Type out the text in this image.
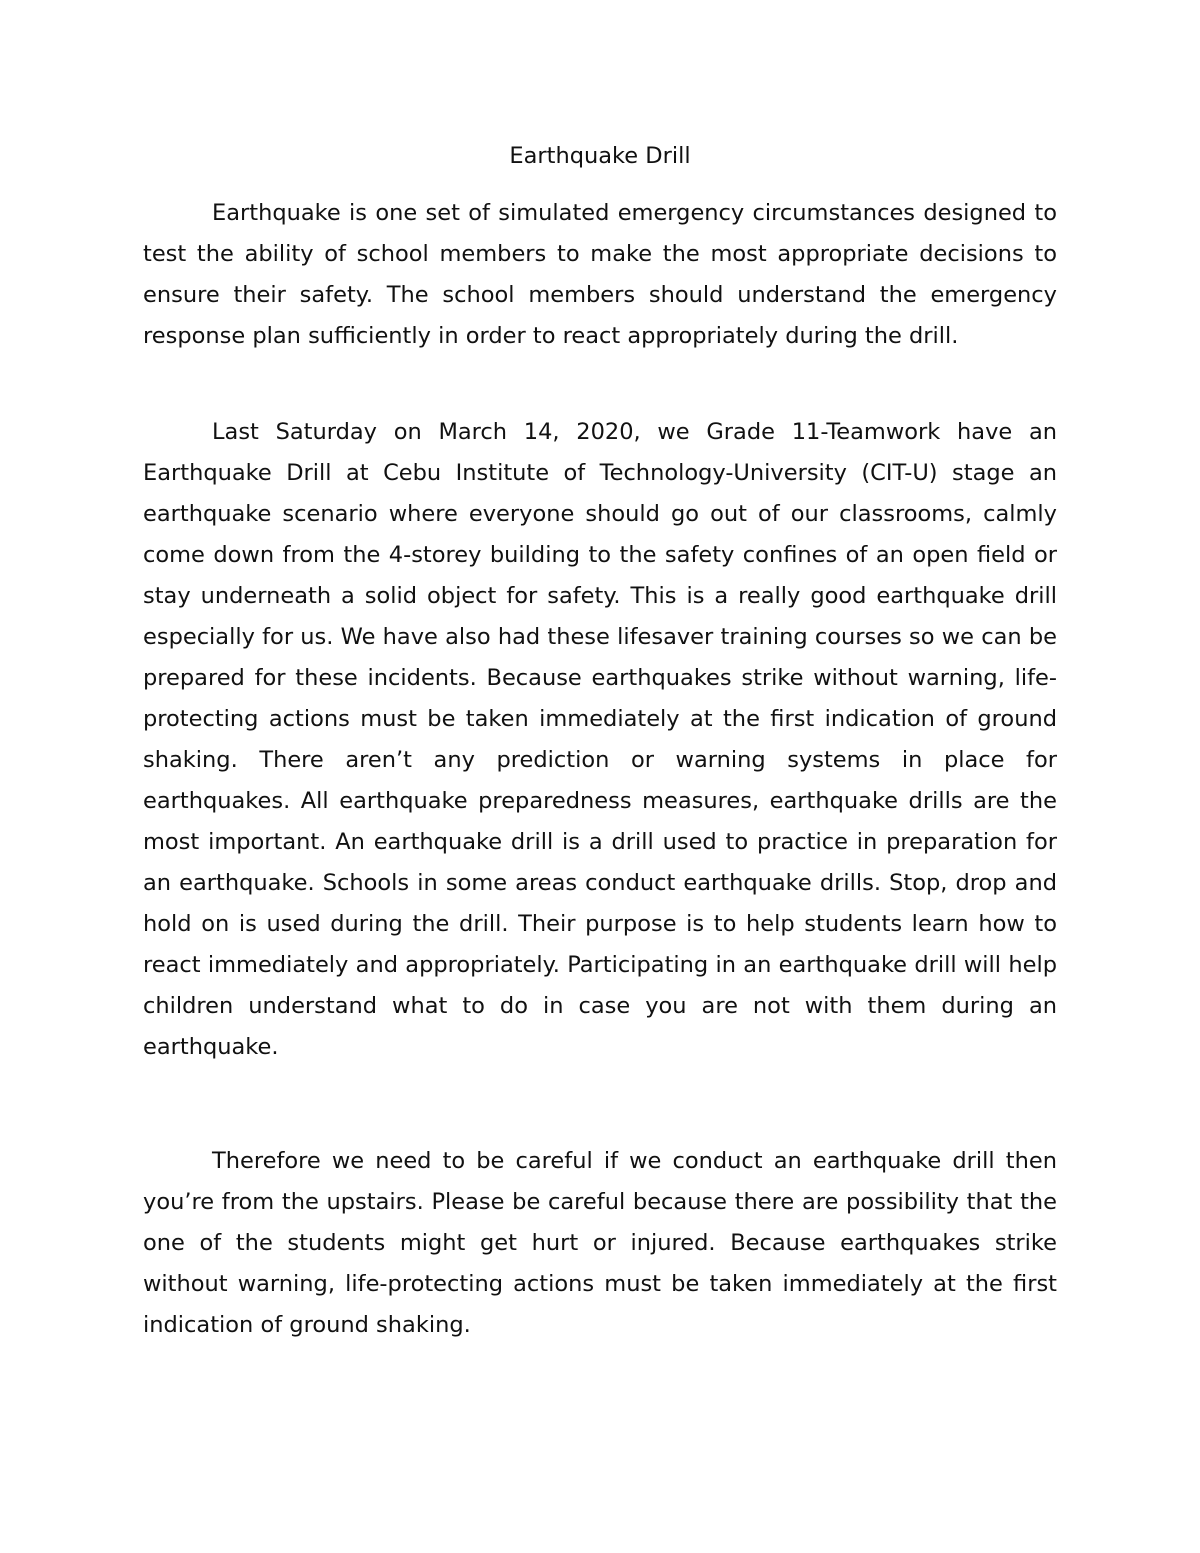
Earthquake Drill

Earthquake is one set of simulated emergency circumstances designed to test the ability of school members to make the most appropriate decisions to ensure their safety. The school members should understand the emergency response plan sufficiently in order to react appropriately during the drill.

Last Saturday on March 14, 2020, we Grade 11-Teamwork have an Earthquake Drill at Cebu Institute of Technology-University (CIT-U) stage an earthquake scenario where everyone should go out of our classrooms, calmly come down from the 4-storey building to the safety confines of an open field or stay underneath a solid object for safety. This is a really good earthquake drill especially for us. We have also had these lifesaver training courses so we can be prepared for these incidents. Because earthquakes strike without warning, life-protecting actions must be taken immediately at the first indication of ground shaking. There aren’t any prediction or warning systems in place for earthquakes. All earthquake preparedness measures, earthquake drills are the most important. An earthquake drill is a drill used to practice in preparation for an earthquake. Schools in some areas conduct earthquake drills. Stop, drop and hold on is used during the drill. Their purpose is to help students learn how to react immediately and appropriately. Participating in an earthquake drill will help children understand what to do in case you are not with them during an earthquake.

Therefore we need to be careful if we conduct an earthquake drill then you’re from the upstairs. Please be careful because there are possibility that the one of the students might get hurt or injured. Because earthquakes strike without warning, life-protecting actions must be taken immediately at the first indication of ground shaking.
